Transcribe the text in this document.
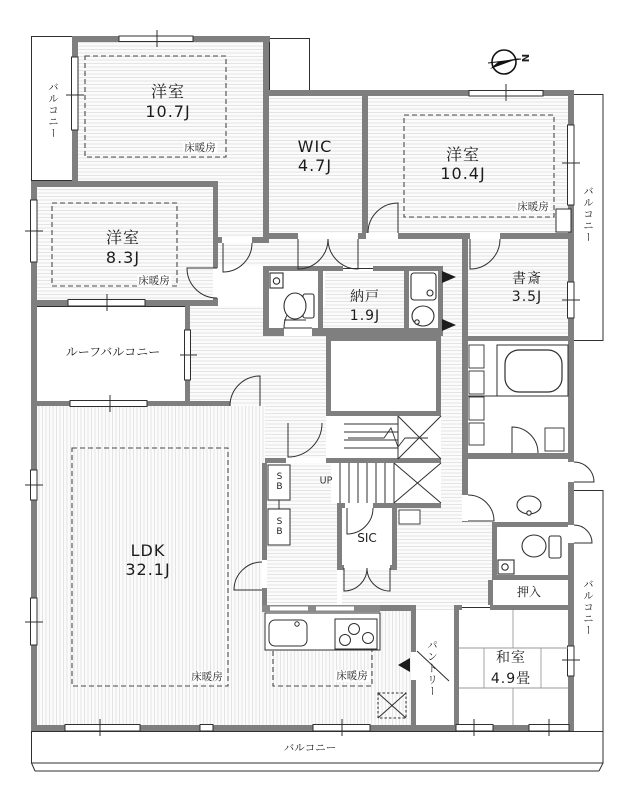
バルコニー	洋室
10.7J
床暖房	WIC
4.7J
洋室
10.4J
床暖房	バルコニー
洋室
8.3J
床暖房	書斎
3.5J
納戸
1.9J
ルーフバルコニー
LDK
32.1J
床暖房	床暖房
SIC
UP
SB
SB
押入
和室
4.9畳
パントリー
バルコニー
バルコニー
N
